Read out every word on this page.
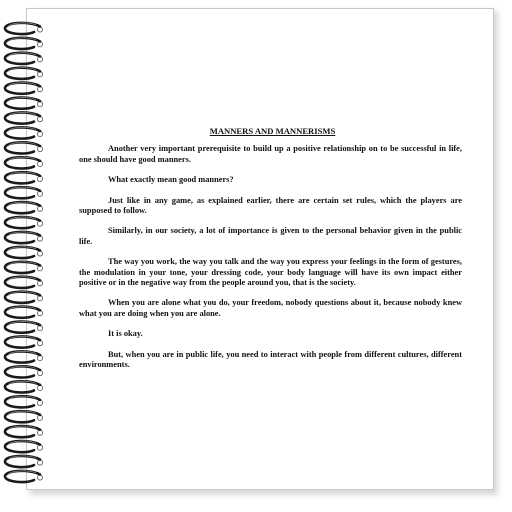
MANNERS AND MANNERISMS

Another very important prerequisite to build up a positive relationship on to be successful in life, one should have good manners.

What exactly mean good manners?

Just like in any game, as explained earlier, there are certain set rules, which the players are supposed to follow.

Similarly, in our society, a lot of importance is given to the personal behavior given in the public life.

The way you work, the way you talk and the way you express your feelings in the form of gestures, the modulation in your tone, your dressing code, your body language will have its own impact either positive or in the negative way from the people around you, that is the society.

When you are alone what you do, your freedom, nobody questions about it, because nobody knew what you are doing when you are alone.

It is okay.

But, when you are in public life, you need to interact with people from different cultures, different environments.
